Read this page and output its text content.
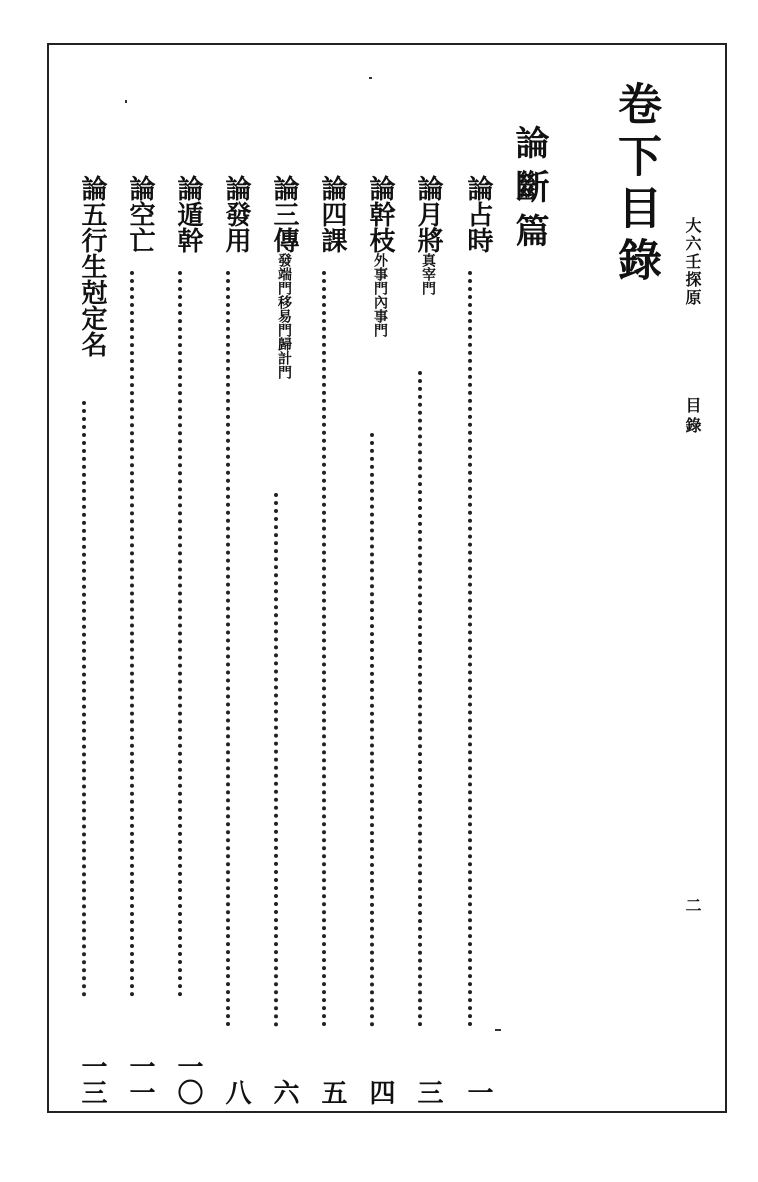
大六壬探原
目錄
二
卷下目錄
論斷篇
論占時
一
論月將真宰門
三
論幹枝外事門內事門
四
論四課
五
論三傳發端門移易門歸計門
六
論發用
八
論遁幹
一〇
論空亡
一一
論五行生尅定名
一三
